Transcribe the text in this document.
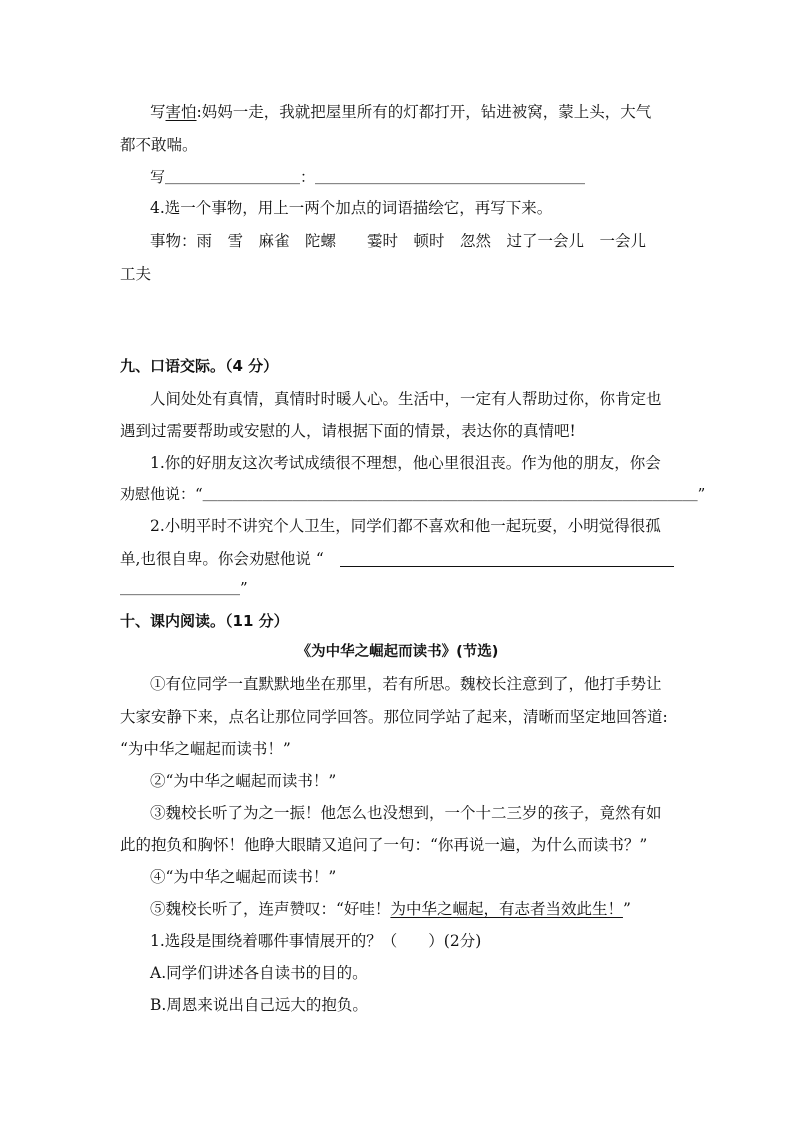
写害怕:妈妈一走，我就把屋里所有的灯都打开，钻进被窝，蒙上头，大气
都不敢喘。
写＿＿＿＿＿＿＿＿＿：＿＿＿＿＿＿＿＿＿＿＿＿＿＿＿＿＿＿
4.选一个事物，用上一两个加点的词语描绘它，再写下来。
事物：雨　雪　麻雀　陀螺　　霎时　顿时　忽然　过了一会儿　一会儿
工夫
九、口语交际。（4 分）
人间处处有真情，真情时时暖人心。生活中，一定有人帮助过你，你肯定也
遇到过需要帮助或安慰的人，请根据下面的情景，表达你的真情吧!
1.你的好朋友这次考试成绩很不理想，他心里很沮丧。作为他的朋友，你会
劝慰他说：“＿＿＿＿＿＿＿＿＿＿＿＿＿＿＿＿＿＿＿＿＿＿＿＿＿＿＿＿＿＿＿＿＿”
2.小明平时不讲究个人卫生，同学们都不喜欢和他一起玩耍，小明觉得很孤
单,也很自卑。你会劝慰他说 “
＿＿＿＿＿＿＿＿”
十、课内阅读。（11 分）
《为中华之崛起而读书》(节选)
①有位同学一直默默地坐在那里，若有所思。魏校长注意到了，他打手势让
大家安静下来，点名让那位同学回答。那位同学站了起来，清晰而坚定地回答道:
“为中华之崛起而读书！”
②“为中华之崛起而读书！”
③魏校长听了为之一振！他怎么也没想到，一个十二三岁的孩子，竟然有如
此的抱负和胸怀！他睁大眼睛又追问了一句：“你再说一遍，为什么而读书？”
④“为中华之崛起而读书！”
⑤魏校长听了，连声赞叹：“好哇！为中华之崛起，有志者当效此生！”
1.选段是围绕着哪件事情展开的？（　　）(2分)
A.同学们讲述各自读书的目的。
B.周恩来说出自己远大的抱负。
